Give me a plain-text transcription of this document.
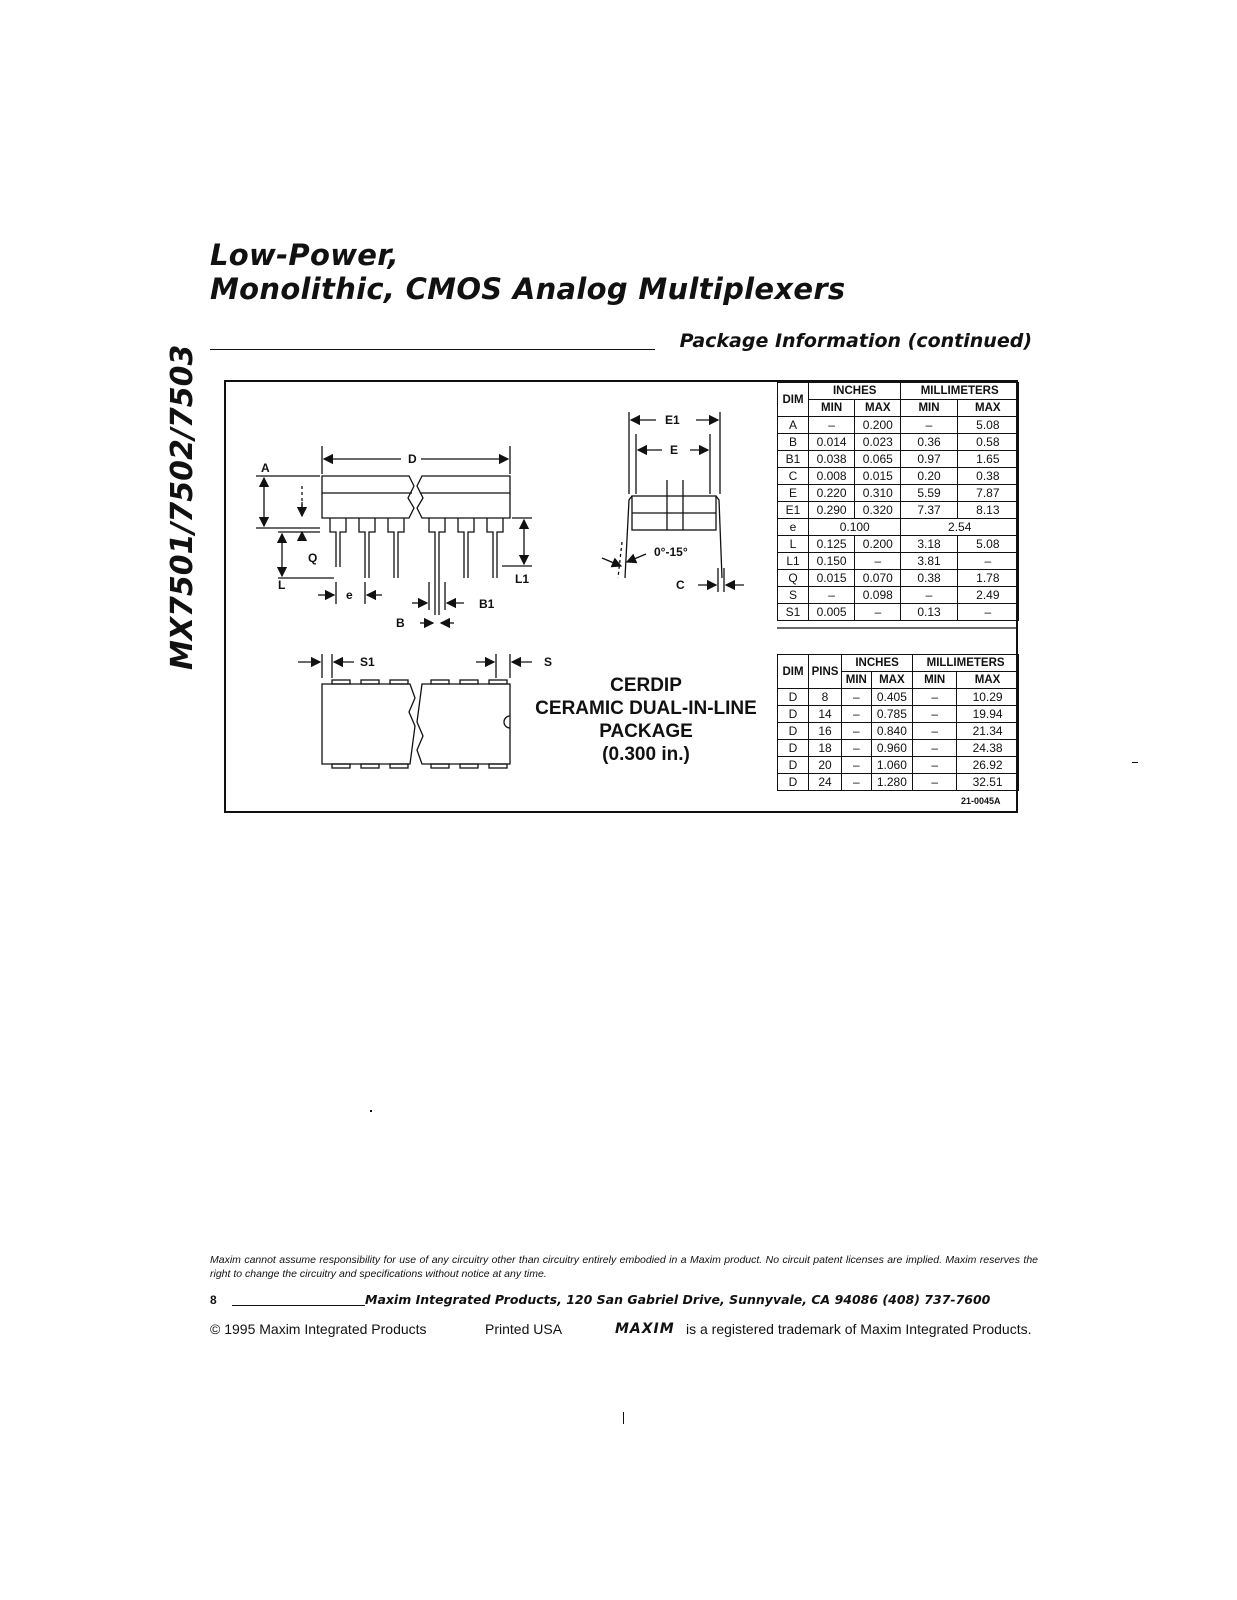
Low-Power,
Monolithic, CMOS Analog Multiplexers
MX7501/7502/7503
Package Information (continued)
D
A
Q
L	L1
e
B1
B
E1
E
0°-15°
C
S1	S
DIM	INCHES		MILLIMETERS	
	MIN	MAX	MIN	MAX
A	–	0.200	–	5.08
B	0.014	0.023	0.36	0.58
B1	0.038	0.065	0.97	1.65
C	0.008	0.015	0.20	0.38
E	0.220	0.310	5.59	7.87
E1	0.290	0.320	7.37	8.13
e	0.100		2.54	
L	0.125	0.200	3.18	5.08
L1	0.150	–	3.81	–
Q	0.015	0.070	0.38	1.78
S	–	0.098	–	2.49
S1	0.005	–	0.13	–
DIM	PINS	INCHES		MILLIMETERS	
		MIN	MAX	MIN	MAX
D	8	–	0.405	–	10.29
D	14	–	0.785	–	19.94
D	16	–	0.840	–	21.34
D	18	–	0.960	–	24.38
D	20	–	1.060	–	26.92
D	24	–	1.280	–	32.51
21-0045A
CERDIP
CERAMIC DUAL-IN-LINE
PACKAGE
(0.300 in.)

Maxim cannot assume responsibility for use of any circuitry other than circuitry entirely embodied in a Maxim product. No circuit patent licenses are implied. Maxim reserves the right to change the circuitry and specifications without notice at any time.

8	Maxim Integrated Products, 120 San Gabriel Drive, Sunnyvale, CA 94086 (408) 737-7600
© 1995 Maxim Integrated Products	Printed USA	MAXIM is a registered trademark of Maxim Integrated Products.
